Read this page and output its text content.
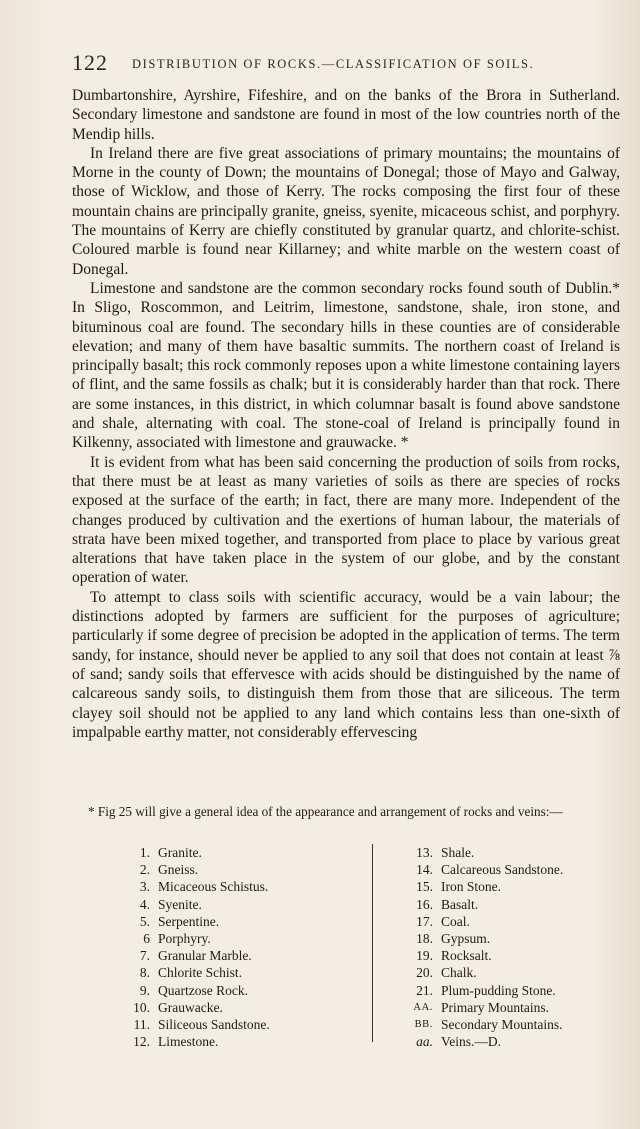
122 DISTRIBUTION OF ROCKS.—CLASSIFICATION OF SOILS.

Dumbartonshire, Ayrshire, Fifeshire, and on the banks of the Brora in Sutherland. Secondary limestone and sandstone are found in most of the low countries north of the Mendip hills.

In Ireland there are five great associations of primary mountains; the mountains of Morne in the county of Down; the mountains of Donegal; those of Mayo and Galway, those of Wicklow, and those of Kerry. The rocks composing the first four of these mountain chains are principally granite, gneiss, syenite, micaceous schist, and porphyry. The mountains of Kerry are chiefly constituted by granular quartz, and chlorite-schist. Coloured marble is found near Killarney; and white marble on the western coast of Donegal.

Limestone and sandstone are the common secondary rocks found south of Dublin.* In Sligo, Roscommon, and Leitrim, limestone, sandstone, shale, iron stone, and bituminous coal are found. The secondary hills in these counties are of considerable elevation; and many of them have basaltic summits. The northern coast of Ireland is principally basalt; this rock commonly reposes upon a white limestone containing layers of flint, and the same fossils as chalk; but it is considerably harder than that rock. There are some instances, in this district, in which columnar basalt is found above sandstone and shale, alternating with coal. The stone-coal of Ireland is principally found in Kilkenny, associated with limestone and grauwacke. *

It is evident from what has been said concerning the production of soils from rocks, that there must be at least as many varieties of soils as there are species of rocks exposed at the surface of the earth; in fact, there are many more. Independent of the changes produced by cultivation and the exertions of human labour, the materials of strata have been mixed together, and transported from place to place by various great alterations that have taken place in the system of our globe, and by the constant operation of water.

To attempt to class soils with scientific accuracy, would be a vain labour; the distinctions adopted by farmers are sufficient for the purposes of agriculture; particularly if some degree of precision be adopted in the application of terms. The term sandy, for instance, should never be applied to any soil that does not contain at least ⅞ of sand; sandy soils that effervesce with acids should be distinguished by the name of calcareous sandy soils, to distinguish them from those that are siliceous. The term clayey soil should not be applied to any land which contains less than one-sixth of impalpable earthy matter, not considerably effervescing

* Fig 25 will give a general idea of the appearance and arrangement of rocks and veins:—

1. Granite.
2. Gneiss.
3. Micaceous Schistus.
4. Syenite.
5. Serpentine.
6 Porphyry.
7. Granular Marble.
8. Chlorite Schist.
9. Quartzose Rock.
10. Grauwacke.
11. Siliceous Sandstone.
12. Limestone.
13. Shale.
14. Calcareous Sandstone.
15. Iron Stone.
16. Basalt.
17. Coal.
18. Gypsum.
19. Rocksalt.
20. Chalk.
21. Plum-pudding Stone.
AA. Primary Mountains.
BB. Secondary Mountains.
aa. Veins.—D.
